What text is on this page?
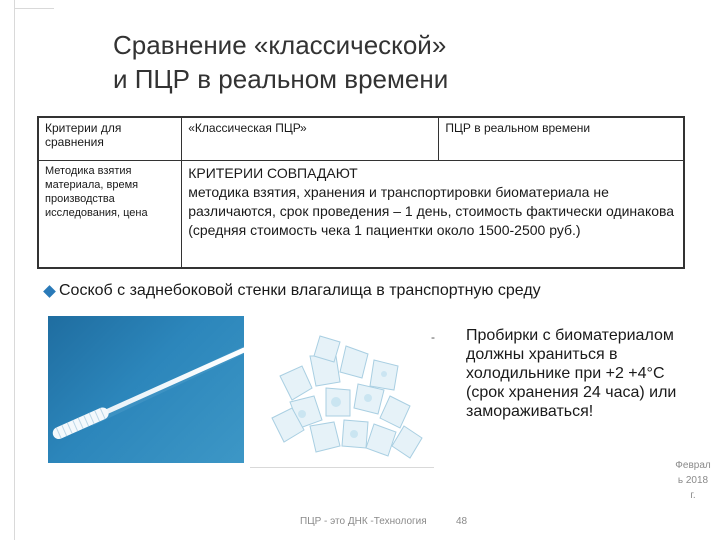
Сравнение «классической»
и ПЦР в реальном времени
Критерии для сравнения	«Классическая ПЦР»	ПЦР в реальном времени
Методика взятия материала, время производства исследования, цена	КРИТЕРИИ СОВПАДАЮТ
методика взятия, хранения и транспортировки биоматериала не различаются, срок проведения – 1 день, стоимость фактически одинакова (средняя стоимость чека 1 пациентки около 1500-2500 руб.)	
Соскоб с заднебоковой стенки влагалища в транспортную среду
- Пробирки с биоматериалом должны храниться в холодильнике при +2 +4°С (срок хранения 24 часа) или замораживаться!
ПЦР - это ДНК -Технология	48
Февраль 2018 г.
